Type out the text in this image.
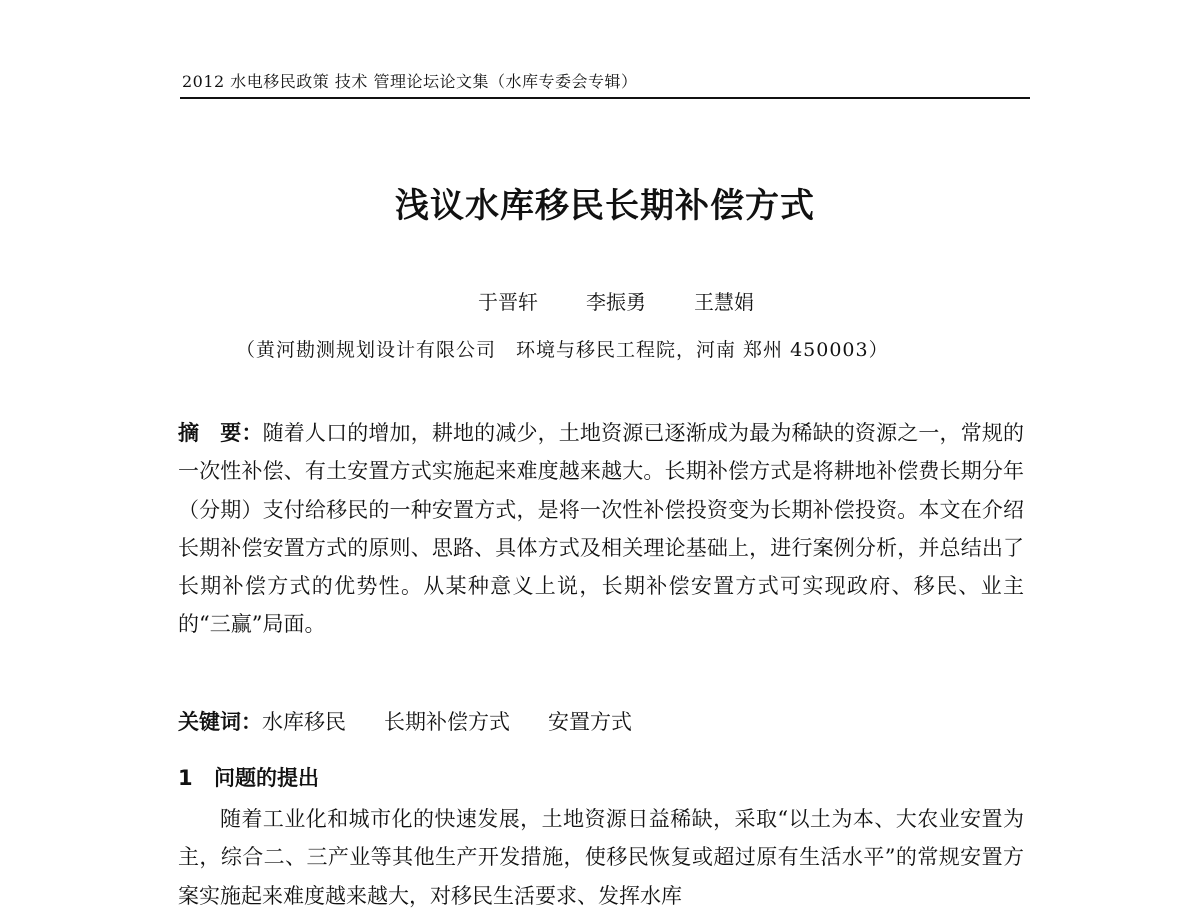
2012 水电移民政策 技术 管理论坛论文集（水库专委会专辑）
浅议水库移民长期补偿方式
于晋轩 李振勇 王慧娟
（黄河勘测规划设计有限公司　环境与移民工程院，河南 郑州 450003）
摘　要：随着人口的增加，耕地的减少，土地资源已逐渐成为最为稀缺的资源之一，常规的一次性补偿、有土安置方式实施起来难度越来越大。长期补偿方式是将耕地补偿费长期分年（分期）支付给移民的一种安置方式，是将一次性补偿投资变为长期补偿投资。本文在介绍长期补偿安置方式的原则、思路、具体方式及相关理论基础上，进行案例分析，并总结出了长期补偿方式的优势性。从某种意义上说，长期补偿安置方式可实现政府、移民、业主的“三赢”局面。
关键词：水库移民 长期补偿方式 安置方式
1 问题的提出
随着工业化和城市化的快速发展，土地资源日益稀缺，采取“以土为本、大农业安置为主，综合二、三产业等其他生产开发措施，使移民恢复或超过原有生活水平”的常规安置方案实施起来难度越来越大，对移民生活要求、发挥水库
